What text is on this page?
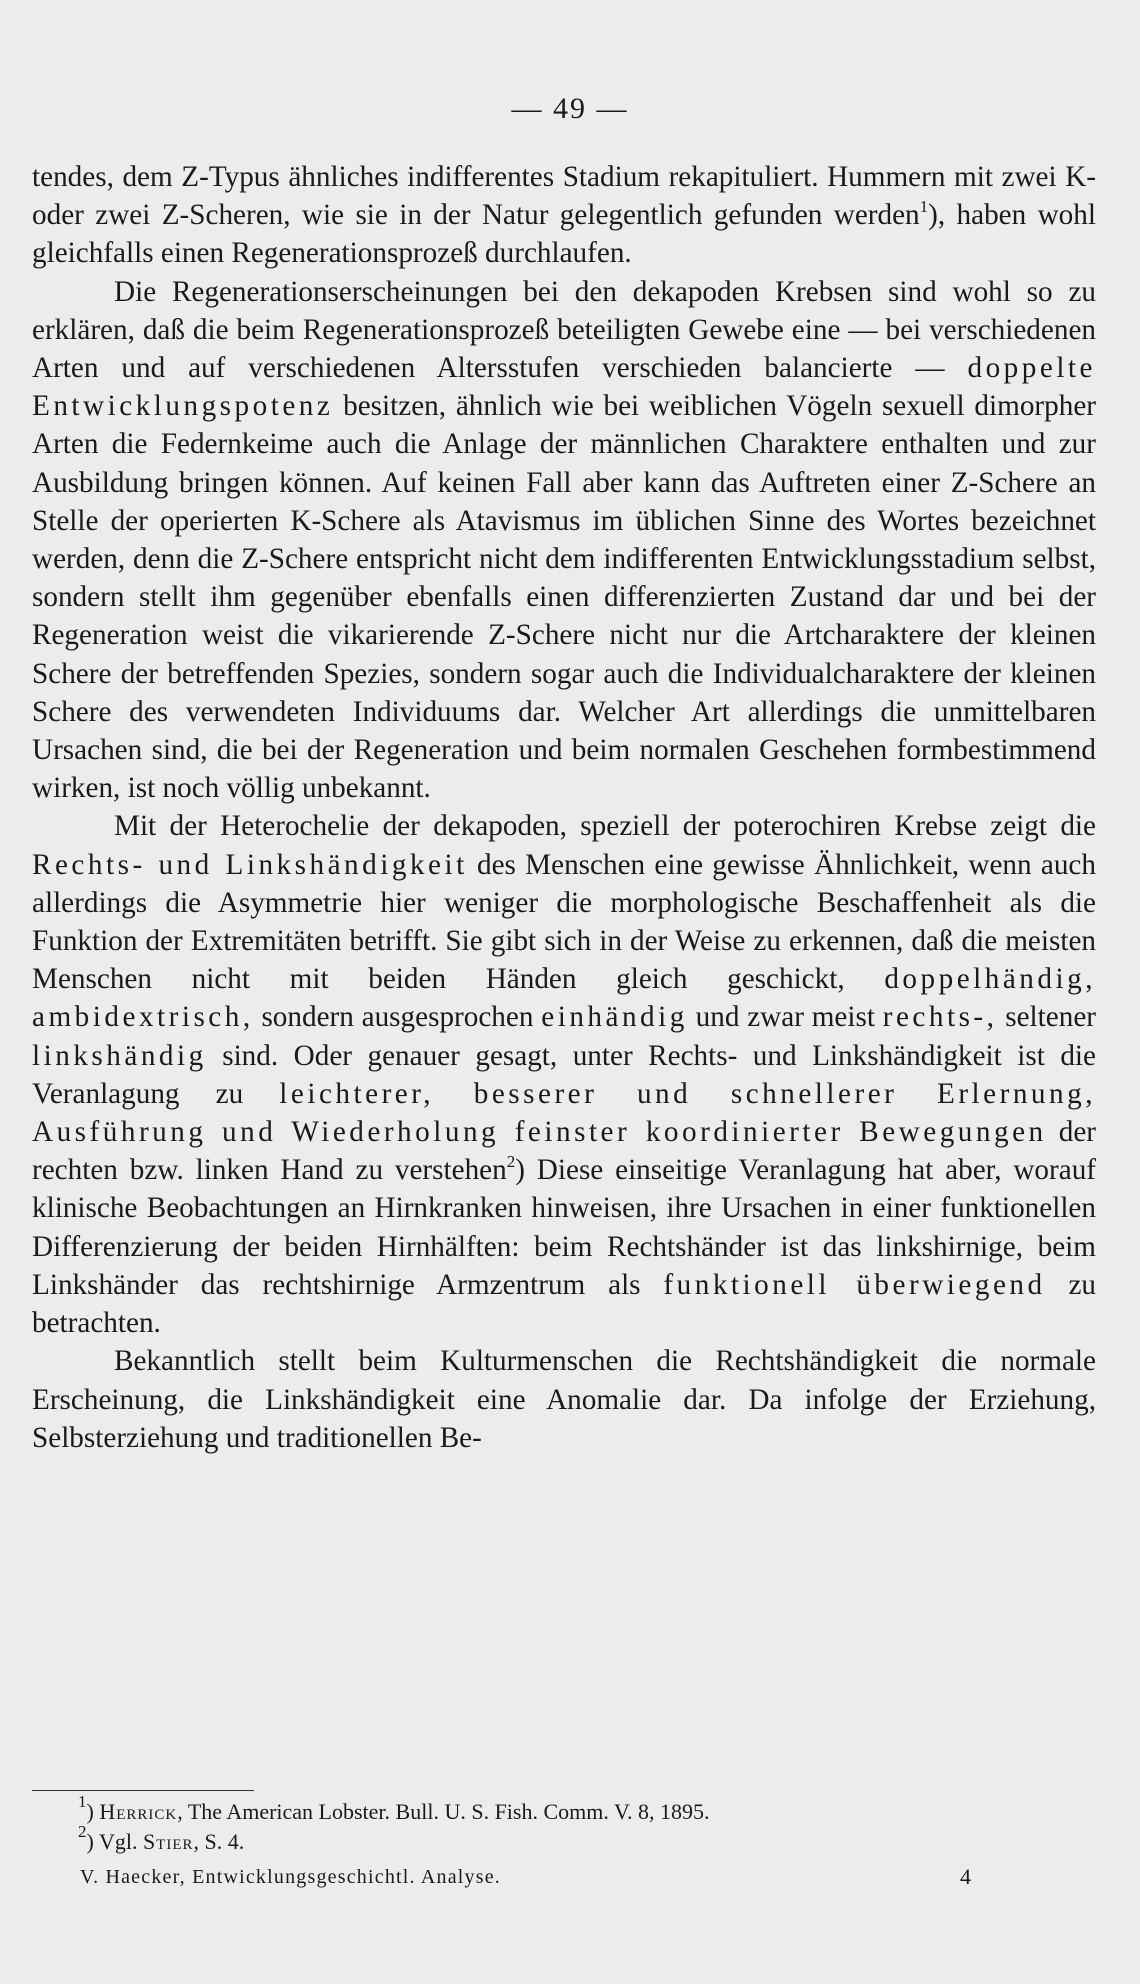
— 49 —

tendes, dem Z-Typus ähnliches indifferentes Stadium rekapituliert. Hummern mit zwei K- oder zwei Z-Scheren, wie sie in der Natur gelegentlich gefunden werden$^1$), haben wohl gleichfalls einen Regenerationsprozeß durchlaufen.

Die Regenerationserscheinungen bei den dekapoden Krebsen sind wohl so zu erklären, daß die beim Regenerationsprozeß beteiligten Gewebe eine — bei verschiedenen Arten und auf verschiedenen Altersstufen verschieden balancierte — doppelte Entwicklungspotenz besitzen, ähnlich wie bei weiblichen Vögeln sexuell dimorpher Arten die Federnkeime auch die Anlage der männlichen Charaktere enthalten und zur Ausbildung bringen können. Auf keinen Fall aber kann das Auftreten einer Z-Schere an Stelle der operierten K-Schere als Atavismus im üblichen Sinne des Wortes bezeichnet werden, denn die Z-Schere entspricht nicht dem indifferenten Entwicklungsstadium selbst, sondern stellt ihm gegenüber ebenfalls einen differenzierten Zustand dar und bei der Regeneration weist die vikarierende Z-Schere nicht nur die Artcharaktere der kleinen Schere der betreffenden Spezies, sondern sogar auch die Individualcharaktere der kleinen Schere des verwendeten Individuums dar. Welcher Art allerdings die unmittelbaren Ursachen sind, die bei der Regeneration und beim normalen Geschehen formbestimmend wirken, ist noch völlig unbekannt.

Mit der Heterochelie der dekapoden, speziell der poterochiren Krebse zeigt die Rechts- und Linkshändigkeit des Menschen eine gewisse Ähnlichkeit, wenn auch allerdings die Asymmetrie hier weniger die morphologische Beschaffenheit als die Funktion der Extremitäten betrifft. Sie gibt sich in der Weise zu erkennen, daß die meisten Menschen nicht mit beiden Händen gleich geschickt, doppelhändig, ambidextrisch, sondern ausgesprochen einhändig und zwar meist rechts-, seltener linkshändig sind. Oder genauer gesagt, unter Rechts- und Linkshändigkeit ist die Veranlagung zu leichterer, besserer und schnellerer Erlernung, Ausführung und Wiederholung feinster koordinierter Bewegungen der rechten bzw. linken Hand zu verstehen$^2$) Diese einseitige Veranlagung hat aber, worauf klinische Beobachtungen an Hirnkranken hinweisen, ihre Ursachen in einer funktionellen Differenzierung der beiden Hirnhälften: beim Rechtshänder ist das linkshirnige, beim Linkshänder das rechtshirnige Armzentrum als funktionell überwiegend zu betrachten.

Bekanntlich stellt beim Kulturmenschen die Rechtshändigkeit die normale Erscheinung, die Linkshändigkeit eine Anomalie dar. Da infolge der Erziehung, Selbsterziehung und traditionellen Be-

$^1$) Herrick, The American Lobster. Bull. U. S. Fish. Comm. V. 8, 1895.
$^2$) Vgl. Stier, S. 4.
V. Haecker, Entwicklungsgeschichtl. Analyse.	4
